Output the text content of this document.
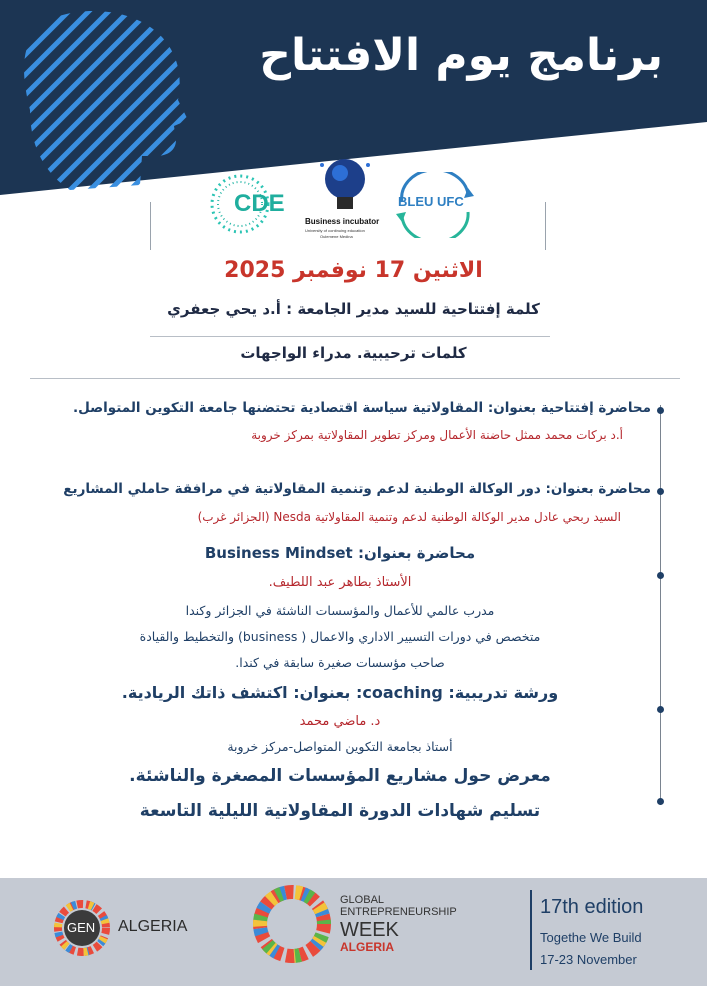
برنامج يوم الافتتاح
CDE
Business incubator
University of continuing education
Oulemene Medina
BLEU UFC
الاثنين 17 نوفمبر 2025
كلمة إفتتاحية للسيد مدير الجامعة : أ.د يحي جعفري
كلمات ترحيبية. مدراء الواجهات
محاضرة إفتتاحية بعنوان: المقاولاتية سياسة اقتصادية تحتضنها جامعة التكوين المتواصل.
أ.د بركات محمد ممثل حاضنة الأعمال ومركز تطوير المقاولاتية بمركز خروبة
محاضرة بعنوان: دور الوكالة الوطنية لدعم وتنمية المقاولاتية في مرافقة حاملي المشاريع
السيد ربحي عادل مدير الوكالة الوطنية لدعم وتنمية المقاولاتية Nesda (الجزائر غرب)
محاضرة بعنوان: Business Mindset
الأستاذ بطاهر عبد اللطيف.
مدرب عالمي للأعمال والمؤسسات الناشئة في الجزائر وكندا
متخصص في دورات التسيير الاداري والاعمال ( business) والتخطيط والقيادة
صاحب مؤسسات صغيرة سابقة في كندا.
ورشة تدريبية: coaching: بعنوان: اكتشف ذاتك الريادية.
د. ماضي محمد
أستاذ بجامعة التكوين المتواصل-مركز خروبة
معرض حول مشاريع المؤسسات المصغرة والناشئة.
تسليم شهادات الدورة المقاولاتية الليلية التاسعة
GEN ALGERIA
GLOBAL
ENTREPRENEURSHIP
WEEK
ALGERIA
17th edition
Togethe We Build
17-23 November
